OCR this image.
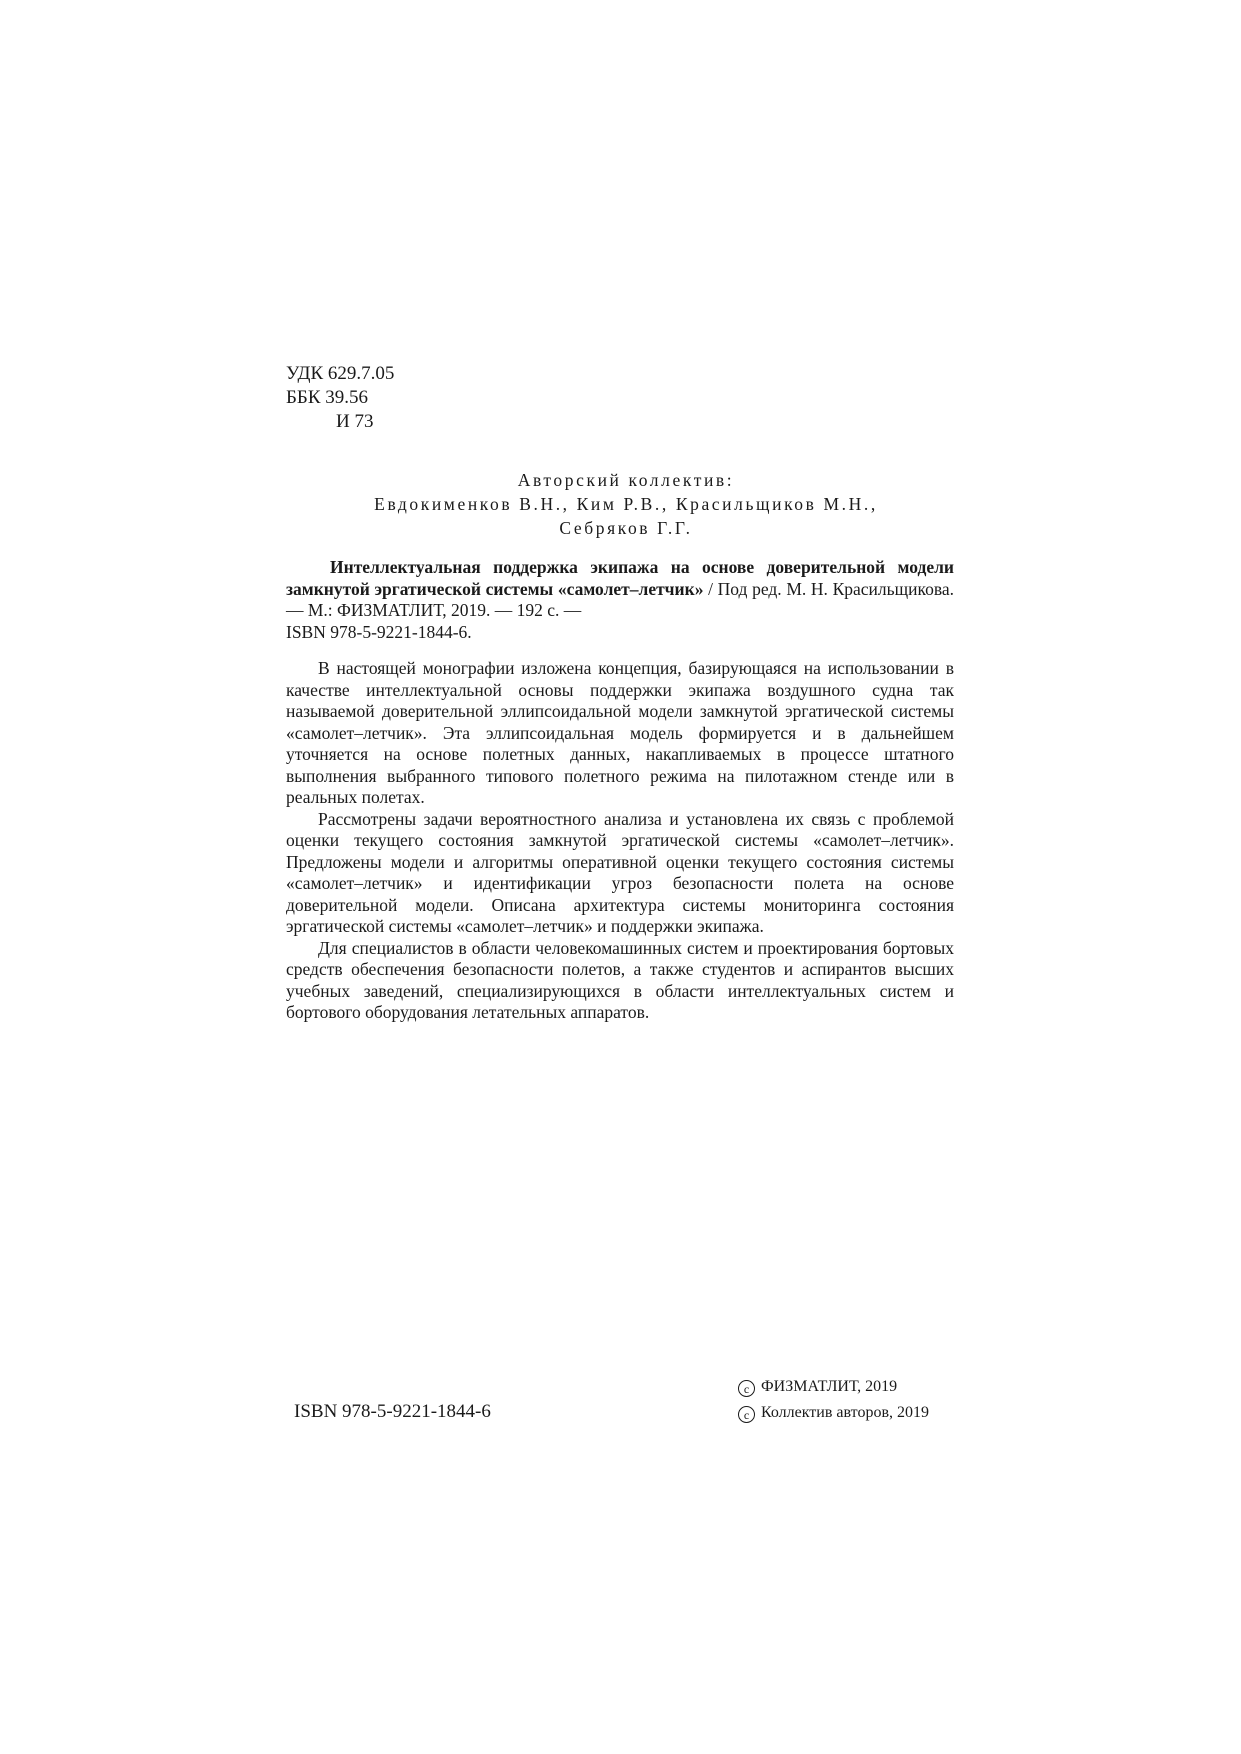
УДК 629.7.05
ББК 39.56
И 73
Авторский коллектив:
Евдокименков В.Н., Ким Р.В., Красильщиков М.Н.,
Себряков Г.Г.

Интеллектуальная поддержка экипажа на основе доверительной модели замкнутой эргатической системы «самолет–летчик» / Под ред. М. Н. Красильщикова. — М.: ФИЗМАТЛИТ, 2019. — 192 с. —
ISBN 978-5-9221-1844-6.

В настоящей монографии изложена концепция, базирующаяся на использовании в качестве интеллектуальной основы поддержки экипажа воздушного судна так называемой доверительной эллипсоидальной модели замкнутой эргатической системы «самолет–летчик». Эта эллипсоидальная модель формируется и в дальнейшем уточняется на основе полетных данных, накапливаемых в процессе штатного выполнения выбранного типового полетного режима на пилотажном стенде или в реальных полетах.

Рассмотрены задачи вероятностного анализа и установлена их связь с проблемой оценки текущего состояния замкнутой эргатической системы «самолет–летчик». Предложены модели и алгоритмы оперативной оценки текущего состояния системы «самолет–летчик» и идентификации угроз безопасности полета на основе доверительной модели. Описана архитектура системы мониторинга состояния эргатической системы «самолет–летчик» и поддержки экипажа.

Для специалистов в области человекомашинных систем и проектирования бортовых средств обеспечения безопасности полетов, а также студентов и аспирантов высших учебных заведений, специализирующихся в области интеллектуальных систем и бортового оборудования летательных аппаратов.

ISBN 978-5-9221-1844-6
c ФИЗМАТЛИТ, 2019
c Коллектив авторов, 2019
